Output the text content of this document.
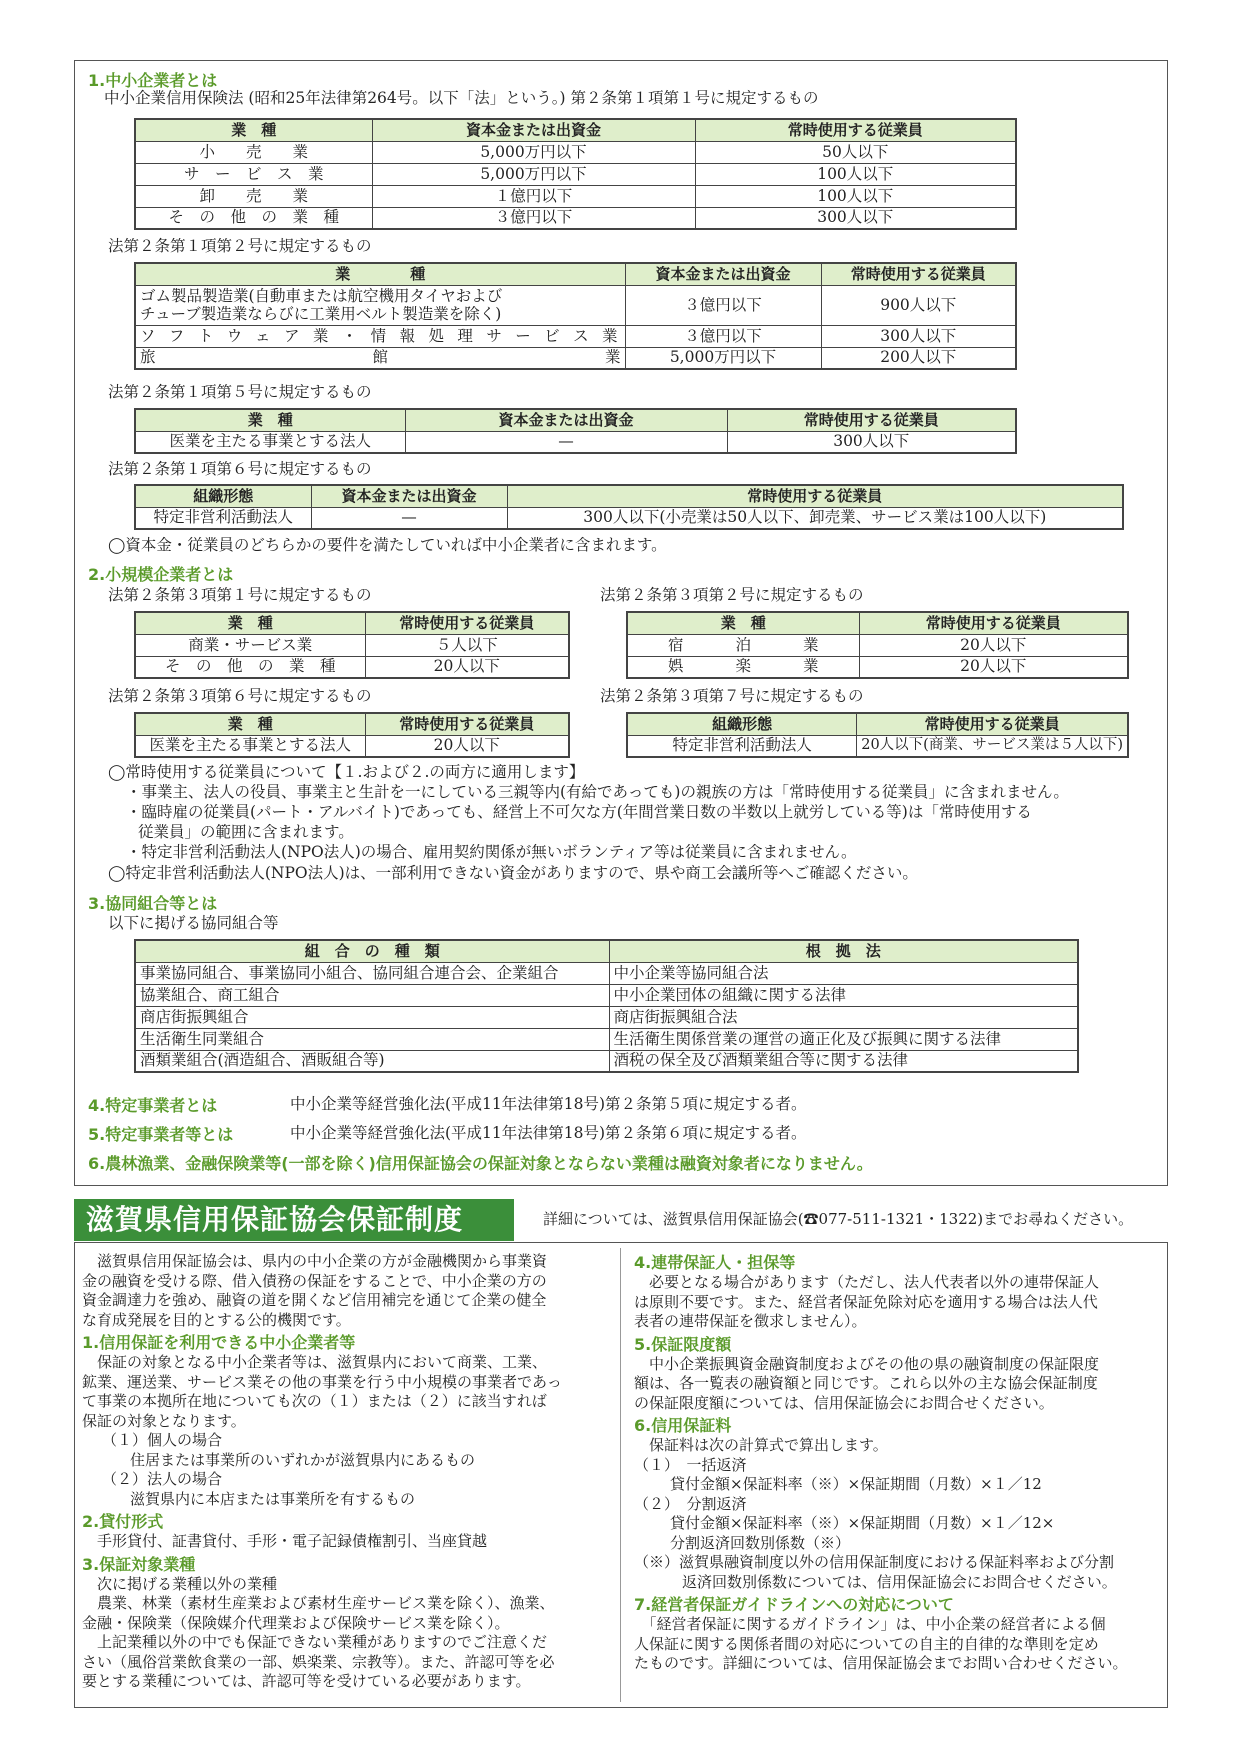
1.中小企業者とは
中小企業信用保険法 (昭和25年法律第264号。以下「法」という。) 第２条第１項第１号に規定するもの
業　種	資本金または出資金	常時使用する従業員
小　　売　　業	5,000万円以下	50人以下
サ　ー　ビ　ス　業	5,000万円以下	100人以下
卸　　売　　業	１億円以下	100人以下
そ　の　他　の　業　種	３億円以下	300人以下
法第２条第１項第２号に規定するもの
業　　　　種	資本金または出資金	常時使用する従業員

ゴム製品製造業(自動車または航空機用タイヤおよび
チューブ製造業ならびに工業用ベルト製造業を除く)	３億円以下	900人以下
ソフトウェア業・情報処理サービス業	３億円以下	300人以下
旅館業	5,000万円以下	200人以下
法第２条第１項第５号に規定するもの
業　種	資本金または出資金	常時使用する従業員
医業を主たる事業とする法人	—	300人以下
法第２条第１項第６号に規定するもの
組織形態	資本金または出資金	常時使用する従業員
特定非営利活動法人	—	300人以下(小売業は50人以下、卸売業、サービス業は100人以下)
◯資本金・従業員のどちらかの要件を満たしていれば中小企業者に含まれます。
2.小規模企業者とは
法第２条第３項第１号に規定するもの	法第２条第３項第２号に規定するもの
業　種	常時使用する従業員
商業・サービス業	５人以下
そ　の　他　の　業　種	20人以下
業　種	常時使用する従業員
宿泊業	20人以下
娯楽業	20人以下
法第２条第３項第６号に規定するもの	法第２条第３項第７号に規定するもの
業　種	常時使用する従業員
医業を主たる事業とする法人	20人以下
組織形態	常時使用する従業員
特定非営利活動法人	20人以下(商業、サービス業は５人以下)
◯常時使用する従業員について【１.および２.の両方に適用します】
・事業主、法人の役員、事業主と生計を一にしている三親等内(有給であっても)の親族の方は「常時使用する従業員」に含まれません。
・臨時雇の従業員(パート・アルバイト)であっても、経営上不可欠な方(年間営業日数の半数以上就労している等)は「常時使用する
従業員」の範囲に含まれます。
・特定非営利活動法人(NPO法人)の場合、雇用契約関係が無いボランティア等は従業員に含まれません。
◯特定非営利活動法人(NPO法人)は、一部利用できない資金がありますので、県や商工会議所等へご確認ください。
3.協同組合等とは
以下に掲げる協同組合等
組　合　の　種　類	根　拠　法
事業協同組合、事業協同小組合、協同組合連合会、企業組合	中小企業等協同組合法
協業組合、商工組合	中小企業団体の組織に関する法律
商店街振興組合	商店街振興組合法
生活衛生同業組合	生活衛生関係営業の運営の適正化及び振興に関する法律
酒類業組合(酒造組合、酒販組合等)	酒税の保全及び酒類業組合等に関する法律
4.特定事業者とは	中小企業等経営強化法(平成11年法律第18号)第２条第５項に規定する者。
5.特定事業者等とは	中小企業等経営強化法(平成11年法律第18号)第２条第６項に規定する者。
6.農林漁業、金融保険業等(一部を除く)信用保証協会の保証対象とならない業種は融資対象者になりません。
滋賀県信用保証協会保証制度	詳細については、滋賀県信用保証協会(☎077-511-1321・1322)までお尋ねください。
　滋賀県信用保証協会は、県内の中小企業の方が金融機関から事業資
金の融資を受ける際、借入債務の保証をすることで、中小企業の方の
資金調達力を強め、融資の道を開くなど信用補完を通じて企業の健全
な育成発展を目的とする公的機関です。
1.信用保証を利用できる中小企業者等
　保証の対象となる中小企業者等は、滋賀県内において商業、工業、
鉱業、運送業、サービス業その他の事業を行う中小規模の事業者であっ
て事業の本拠所在地についても次の（１）または（２）に該当すれば
保証の対象となります。
（１）個人の場合
住居または事業所のいずれかが滋賀県内にあるもの
（２）法人の場合
滋賀県内に本店または事業所を有するもの
2.貸付形式
　手形貸付、証書貸付、手形・電子記録債権割引、当座貸越
3.保証対象業種
　次に掲げる業種以外の業種
　農業、林業（素材生産業および素材生産サービス業を除く）、漁業、
金融・保険業（保険媒介代理業および保険サービス業を除く）。
　上記業種以外の中でも保証できない業種がありますのでご注意くだ
さい（風俗営業飲食業の一部、娯楽業、宗教等）。また、許認可等を必
要とする業種については、許認可等を受けている必要があります。
4.連帯保証人・担保等
　必要となる場合があります（ただし、法人代表者以外の連帯保証人
は原則不要です。また、経営者保証免除対応を適用する場合は法人代
表者の連帯保証を徴求しません）。
5.保証限度額
　中小企業振興資金融資制度およびその他の県の融資制度の保証限度
額は、各一覧表の融資額と同じです。これら以外の主な協会保証制度
の保証限度額については、信用保証協会にお問合せください。
6.信用保証料
　保証料は次の計算式で算出します。
（１）　一括返済
貸付金額×保証料率（※）×保証期間（月数）×１／12
（２）　分割返済
貸付金額×保証料率（※）×保証期間（月数）×１／12×
分割返済回数別係数（※）
（※）滋賀県融資制度以外の信用保証制度における保証料率および分割
返済回数別係数については、信用保証協会にお問合せください。
7.経営者保証ガイドラインへの対応について
　「経営者保証に関するガイドライン」は、中小企業の経営者による個
人保証に関する関係者間の対応についての自主的自律的な準則を定め
たものです。詳細については、信用保証協会までお問い合わせください。
